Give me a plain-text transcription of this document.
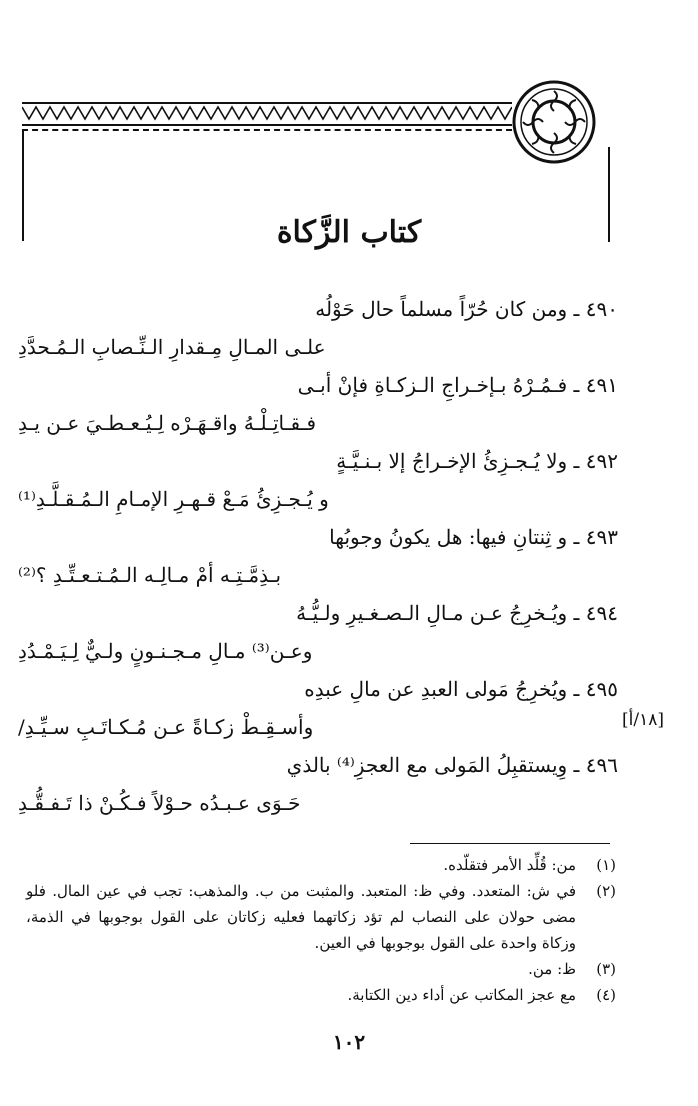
كتاب الزَّكاة
٤٩٠ ـ ومن كان حُرّاً مسلماً حال حَوْلُه
علـى المـالِ مِـقدارِ الـنِّـصابِ الـمُـحدَّدِ
٤٩١ ـ فـمُـرْهُ بـإخـراجِ الـزكـاةِ فإنْ أبـى
فـقـاتِـلْـهُ واقـهَـرْه لِـيُـعـطـيَ عـن يـدِ
٤٩٢ ـ ولا يُـجـزِئُ الإخـراجُ إلا بـنـيَّـةٍ
و يُـجـزِئُ مَـعْ قـهـرِ الإمـامِ الـمُـقـلَّـدِ⁽¹⁾
٤٩٣ ـ و ثِنتانِ فيها: هل يكونُ وجوبُها
بـذِمَّـتِـه أمْ مـالِـه الـمُـتـعـتِّـدِ ؟⁽²⁾
٤٩٤ ـ ويُـخرِجُ عـن مـالِ الـصـغـيرِ ولـيُّـهُ
وعـن⁽³⁾ مـالِ مـجـنـونٍ ولـيٌّ لِـيَـمْـدُدِ
٤٩٥ ـ ويُخرِجُ مَولى العبدِ عن مالِ عبدِه
وأسـقِـطْ زكـاةً عـن مُـكـاتَـبِ سـيِّـدِ/
٤٩٦ ـ وِيستقبِلُ المَولى مع العجزِ⁽⁴⁾ بالذي
حَـوَى عـبـدُه حـوْلاً فـكُـنْ ذا تَـفـقُّـدِ
[١٨/أ]
(١)
من: قُلِّد الأمر فتقلّده.
(٢)
في ش: المتعدد. وفي ظ: المتعبد. والمثبت من ب. والمذهب: تجب في عين المال. فلو مضى حولان على النصاب لم تؤد زكاتهما فعليه زكاتان على القول بوجوبها في الذمة، وزكاة واحدة على القول بوجوبها في العين.
(٣)
ظ: من.
(٤)
مع عجز المكاتب عن أداء دين الكتابة.
١٠٢
